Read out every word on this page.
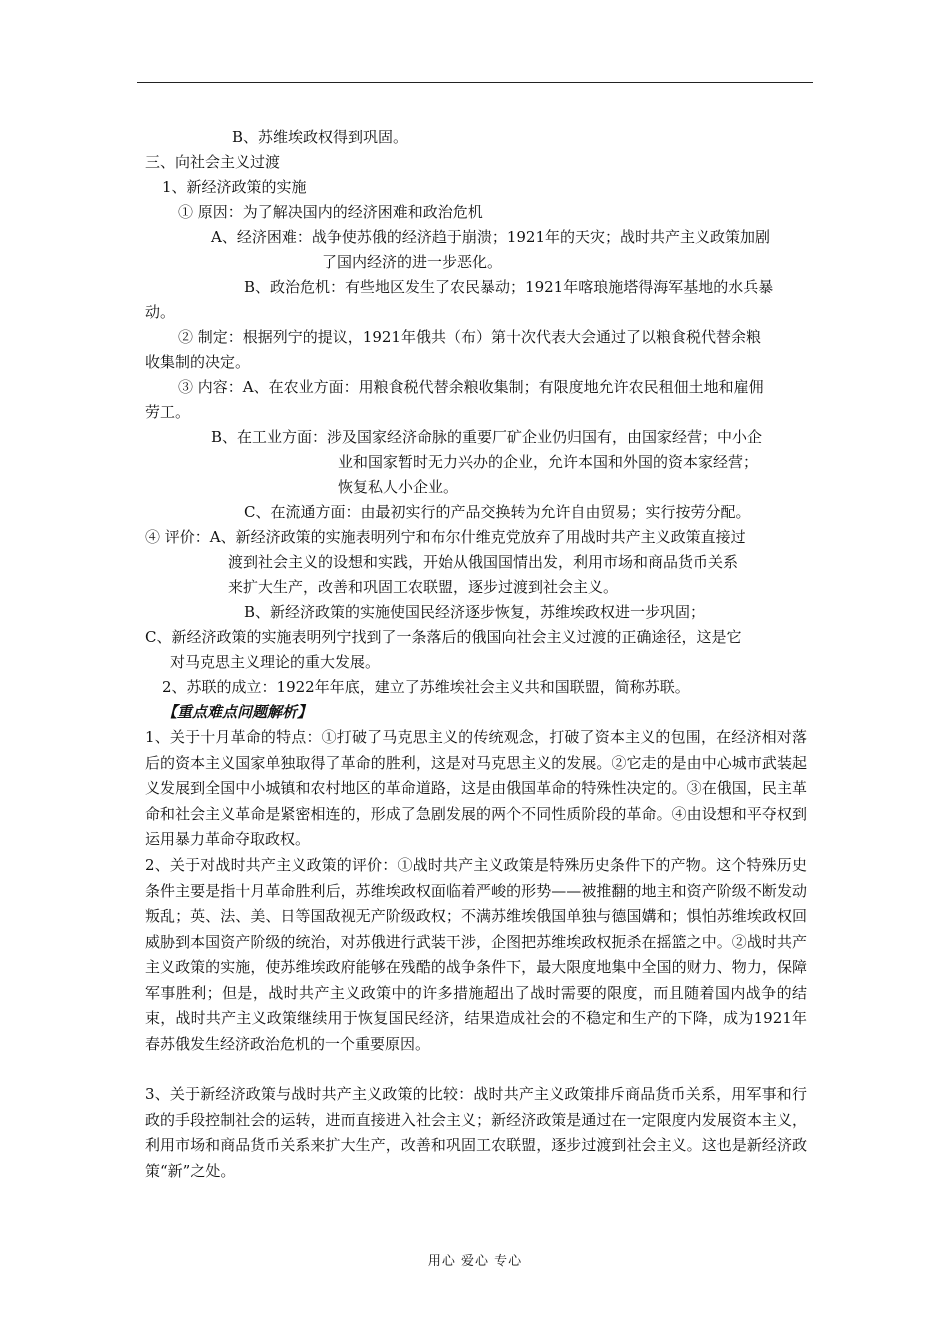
B、苏维埃政权得到巩固。
三、向社会主义过渡
1、新经济政策的实施
① 原因：为了解决国内的经济困难和政治危机
A、经济困难：战争使苏俄的经济趋于崩溃；1921年的天灾；战时共产主义政策加剧
了国内经济的进一步恶化。
B、政治危机：有些地区发生了农民暴动；1921年喀琅施塔得海军基地的水兵暴
动。
② 制定：根据列宁的提议，1921年俄共（布）第十次代表大会通过了以粮食税代替余粮
收集制的决定。
③ 内容：A、在农业方面：用粮食税代替余粮收集制；有限度地允许农民租佃土地和雇佣
劳工。
B、在工业方面：涉及国家经济命脉的重要厂矿企业仍归国有，由国家经营；中小企
业和国家暂时无力兴办的企业，允许本国和外国的资本家经营；
恢复私人小企业。
C、在流通方面：由最初实行的产品交换转为允许自由贸易；实行按劳分配。
④ 评价：A、新经济政策的实施表明列宁和布尔什维克党放弃了用战时共产主义政策直接过
渡到社会主义的设想和实践，开始从俄国国情出发，利用市场和商品货币关系
来扩大生产，改善和巩固工农联盟，逐步过渡到社会主义。
B、新经济政策的实施使国民经济逐步恢复，苏维埃政权进一步巩固；
C、新经济政策的实施表明列宁找到了一条落后的俄国向社会主义过渡的正确途径，这是它
对马克思主义理论的重大发展。
2、苏联的成立：1922年年底，建立了苏维埃社会主义共和国联盟，简称苏联。
【重点难点问题解析】
1、关于十月革命的特点：①打破了马克思主义的传统观念，打破了资本主义的包围，在经济相对落后的资本主义国家单独取得了革命的胜利，这是对马克思主义的发展。②它走的是由中心城市武装起义发展到全国中小城镇和农村地区的革命道路，这是由俄国革命的特殊性决定的。③在俄国，民主革命和社会主义革命是紧密相连的，形成了急剧发展的两个不同性质阶段的革命。④由设想和平夺权到运用暴力革命夺取政权。
2、关于对战时共产主义政策的评价：①战时共产主义政策是特殊历史条件下的产物。这个特殊历史条件主要是指十月革命胜利后，苏维埃政权面临着严峻的形势——被推翻的地主和资产阶级不断发动叛乱；英、法、美、日等国敌视无产阶级政权；不满苏维埃俄国单独与德国媾和；惧怕苏维埃政权回威胁到本国资产阶级的统治，对苏俄进行武装干涉，企图把苏维埃政权扼杀在摇篮之中。②战时共产主义政策的实施，使苏维埃政府能够在残酷的战争条件下，最大限度地集中全国的财力、物力，保障军事胜利；但是，战时共产主义政策中的许多措施超出了战时需要的限度，而且随着国内战争的结束，战时共产主义政策继续用于恢复国民经济，结果造成社会的不稳定和生产的下降，成为1921年春苏俄发生经济政治危机的一个重要原因。
3、关于新经济政策与战时共产主义政策的比较：战时共产主义政策排斥商品货币关系，用军事和行政的手段控制社会的运转，进而直接进入社会主义；新经济政策是通过在一定限度内发展资本主义，利用市场和商品货币关系来扩大生产，改善和巩固工农联盟，逐步过渡到社会主义。这也是新经济政策“新”之处。
用心 爱心 专心
